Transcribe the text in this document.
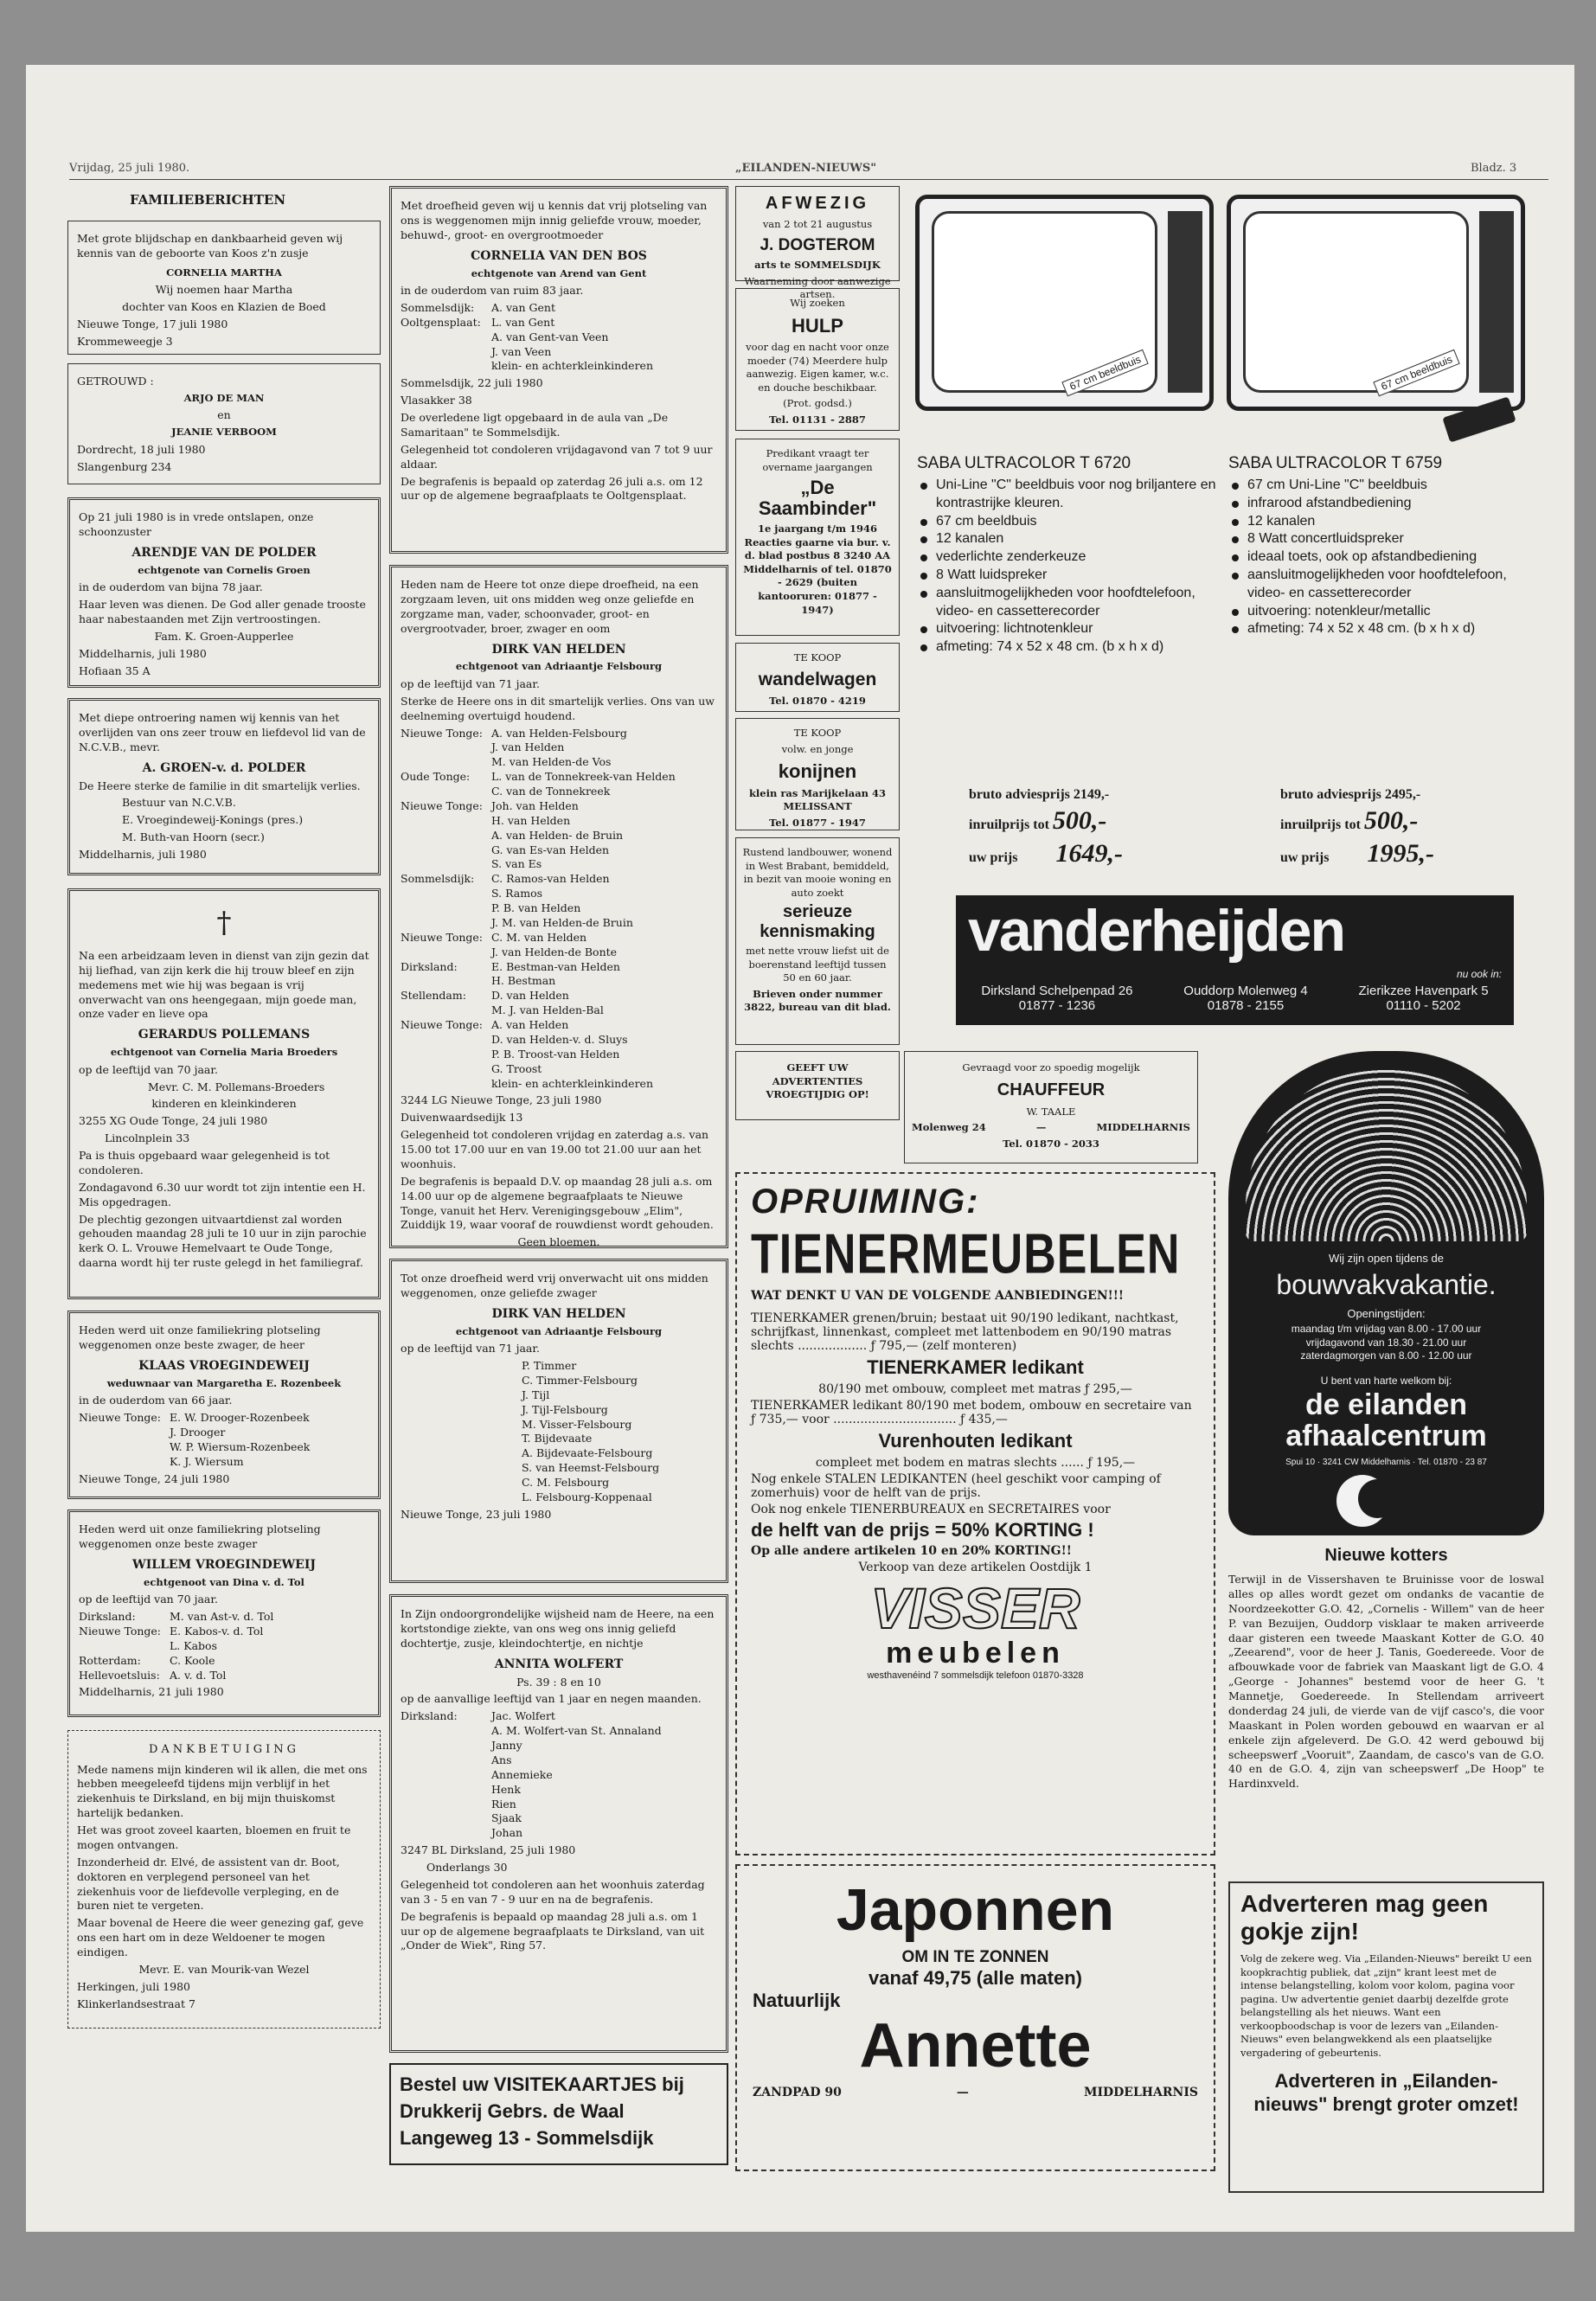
Vrijdag, 25 juli 1980.	„EILANDEN-NIEUWS"	Bladz. 3
FAMILIEBERICHTEN

Met grote blijdschap en dankbaarheid geven wij kennis van de geboorte van Koos z'n zusje

CORNELIA MARTHA

Wij noemen haar Martha

dochter van Koos en Klazien de Boed

Nieuwe Tonge, 17 juli 1980

Krommeweegje 3

GETROUWD :

ARJO DE MAN

en

JEANIE VERBOOM

Dordrecht, 18 juli 1980

Slangenburg 234

Op 21 juli 1980 is in vrede ontslapen, onze schoonzuster

ARENDJE VAN DE POLDER
echtgenote van Cornelis Groen

in de ouderdom van bijna 78 jaar.

Haar leven was dienen. De God aller genade trooste haar nabestaanden met Zijn vertroostingen.

Fam. K. Groen-Aupperlee

Middelharnis, juli 1980

Hofiaan 35 A

Met diepe ontroering namen wij kennis van het overlijden van ons zeer trouw en liefdevol lid van de N.C.V.B., mevr.

A. GROEN-v. d. POLDER

De Heere sterke de familie in dit smartelijk verlies.

Bestuur van N.C.V.B.

E. Vroegindeweij-Konings (pres.)

M. Buth-van Hoorn (secr.)

Middelharnis, juli 1980

†

Na een arbeidzaam leven in dienst van zijn gezin dat hij liefhad, van zijn kerk die hij trouw bleef en zijn medemens met wie hij was begaan is vrij onverwacht van ons heengegaan, mijn goede man, onze vader en lieve opa

GERARDUS POLLEMANS
echtgenoot van Cornelia Maria Broeders

op de leeftijd van 70 jaar.

Mevr. C. M. Pollemans-Broeders

kinderen en kleinkinderen

3255 XG Oude Tonge, 24 juli 1980

Lincolnplein 33

Pa is thuis opgebaard waar gelegenheid is tot condoleren.

Zondagavond 6.30 uur wordt tot zijn intentie een H. Mis opgedragen.

De plechtig gezongen uitvaartdienst zal worden gehouden maandag 28 juli te 10 uur in zijn parochie kerk O. L. Vrouwe Hemelvaart te Oude Tonge, daarna wordt hij ter ruste gelegd in het familiegraf.

Heden werd uit onze familiekring plotseling weggenomen onze beste zwager, de heer

KLAAS VROEGINDEWEIJ
weduwnaar van Margaretha E. Rozenbeek

in de ouderdom van 66 jaar.

Nieuwe Tonge: E. W. Drooger-Rozenbeek
J. Drooger
W. P. Wiersum-Rozenbeek
K. J. Wiersum

Nieuwe Tonge, 24 juli 1980

Heden werd uit onze familiekring plotseling weggenomen onze beste zwager

WILLEM VROEGINDEWEIJ
echtgenoot van Dina v. d. Tol

op de leeftijd van 70 jaar.

Dirksland:	M. van Ast-v. d. Tol
Nieuwe Tonge: E. Kabos-v. d. Tol
L. Kabos
Rotterdam:	C. Koole
Hellevoetsluis: A. v. d. Tol

Middelharnis, 21 juli 1980

DANKBETUIGING

Mede namens mijn kinderen wil ik allen, die met ons hebben meegeleefd tijdens mijn verblijf in het ziekenhuis te Dirksland, en bij mijn thuiskomst hartelijk bedanken.

Het was groot zoveel kaarten, bloemen en fruit te mogen ontvangen.

Inzonderheid dr. Elvé, de assistent van dr. Boot, doktoren en verplegend personeel van het ziekenhuis voor de liefdevolle verpleging, en de buren niet te vergeten.

Maar bovenal de Heere die weer genezing gaf, geve ons een hart om in deze Weldoener te mogen eindigen.

Mevr. E. van Mourik-van Wezel

Herkingen, juli 1980

Klinkerlandsestraat 7

Met droefheid geven wij u kennis dat vrij plotseling van ons is weggenomen mijn innig geliefde vrouw, moeder, behuwd-, groot- en overgrootmoeder

CORNELIA VAN DEN BOS
echtgenote van Arend van Gent

in de ouderdom van ruim 83 jaar.

Sommelsdijk:	A. van Gent
Ooltgensplaat: L. van Gent
A. van Gent-van Veen
J. van Veen
klein- en achterkleinkinderen

Sommelsdijk, 22 juli 1980

Vlasakker 38

De overledene ligt opgebaard in de aula van „De Samaritaan" te Sommelsdijk.

Gelegenheid tot condoleren vrijdagavond van 7 tot 9 uur aldaar.

De begrafenis is bepaald op zaterdag 26 juli a.s. om 12 uur op de algemene begraafplaats te Ooltgensplaat.

Heden nam de Heere tot onze diepe droefheid, na een zorgzaam leven, uit ons midden weg onze geliefde en zorgzame man, vader, schoonvader, groot- en overgrootvader, broer, zwager en oom

DIRK VAN HELDEN
echtgenoot van Adriaantje Felsbourg

op de leeftijd van 71 jaar.

Sterke de Heere ons in dit smartelijk verlies. Ons van uw deelneming overtuigd houdend.

Nieuwe Tonge: A. van Helden-Felsbourg
J. van Helden
M. van Helden-de Vos
Oude Tonge:	L. van de Tonnekreek-van Helden
C. van de Tonnekreek
Nieuwe Tonge: Joh. van Helden
H. van Helden
A. van Helden- de Bruin
G. van Es-van Helden
S. van Es
Sommelsdijk:	C. Ramos-van Helden
S. Ramos
P. B. van Helden
J. M. van Helden-de Bruin
Nieuwe Tonge: C. M. van Helden
J. van Helden-de Bonte
Dirksland:	E. Bestman-van Helden
H. Bestman
Stellendam:	D. van Helden
M. J. van Helden-Bal
Nieuwe Tonge: A. van Helden
D. van Helden-v. d. Sluys
P. B. Troost-van Helden
G. Troost
klein- en achterkleinkinderen

3244 LG Nieuwe Tonge, 23 juli 1980

Duivenwaardsedijk 13

Gelegenheid tot condoleren vrijdag en zaterdag a.s. van 15.00 tot 17.00 uur en van 19.00 tot 21.00 uur aan het woonhuis.

De begrafenis is bepaald D.V. op maandag 28 juli a.s. om 14.00 uur op de algemene begraafplaats te Nieuwe Tonge, vanuit het Herv. Verenigingsgebouw „Elim", Zuiddijk 19, waar vooraf de rouwdienst wordt gehouden.

Geen bloemen.

Tot onze droefheid werd vrij onverwacht uit ons midden weggenomen, onze geliefde zwager

DIRK VAN HELDEN
echtgenoot van Adriaantje Felsbourg

op de leeftijd van 71 jaar.

P. Timmer
C. Timmer-Felsbourg
J. Tijl
J. Tijl-Felsbourg
M. Visser-Felsbourg
T. Bijdevaate
A. Bijdevaate-Felsbourg
S. van Heemst-Felsbourg
C. M. Felsbourg
L. Felsbourg-Koppenaal

Nieuwe Tonge, 23 juli 1980

In Zijn ondoorgrondelijke wijsheid nam de Heere, na een kortstondige ziekte, van ons weg ons innig geliefd dochtertje, zusje, kleindochtertje, en nichtje

ANNITA WOLFERT

Ps. 39 : 8 en 10

op de aanvallige leeftijd van 1 jaar en negen maanden.

Dirksland:	Jac. Wolfert
A. M. Wolfert-van St. Annaland
Janny
Ans
Annemieke
Henk
Rien
Sjaak
Johan

3247 BL Dirksland, 25 juli 1980

Onderlangs 30

Gelegenheid tot condoleren aan het woonhuis zaterdag van 3 - 5 en van 7 - 9 uur en na de begrafenis.

De begrafenis is bepaald op maandag 28 juli a.s. om 1 uur op de algemene begraafplaats te Dirksland, van uit „Onder de Wiek", Ring 57.

Bestel uw VISITEKAARTJES bij Drukkerij Gebrs. de Waal Langeweg 13 - Sommelsdijk
AFWEZIG

van 2 tot 21 augustus

J. DOGTEROM

arts te SOMMELSDIJK

Waarneming door aanwezige artsen.

Wij zoeken

HULP

voor dag en nacht voor onze moeder (74) Meerdere hulp aanwezig. Eigen kamer, w.c. en douche beschikbaar.

(Prot. godsd.)

Tel. 01131 - 2887

Predikant vraagt ter overname jaargangen

„De Saambinder"

1e jaargang t/m 1946 Reacties gaarne via bur. v. d. blad postbus 8 3240 AA Middelharnis of tel. 01870 - 2629 (buiten kantooruren: 01877 - 1947)

TE KOOP

wandelwagen

Tel. 01870 - 4219

TE KOOP

volw. en jonge

konijnen

klein ras Marijkelaan 43 MELISSANT

Tel. 01877 - 1947

Rustend landbouwer, wonend in West Brabant, bemiddeld, in bezit van mooie woning en auto zoekt

serieuze kennismaking

met nette vrouw liefst uit de boerenstand leeftijd tussen 50 en 60 jaar.

Brieven onder nummer 3822, bureau van dit blad.

GEEFT UW ADVERTENTIES VROEGTIJDIG OP!

Gevraagd voor zo spoedig mogelijk

CHAUFFEUR

W. TAALE

Molenweg 24	—	MIDDELHARNIS

Tel. 01870 - 2033

67 cm beeldbuis	67 cm beeldbuis
SABA ULTRACOLOR T 6720
Uni-Line "C" beeldbuis voor nog briljantere en kontrastrijke kleuren.
67 cm beeldbuis
12 kanalen
vederlichte zenderkeuze
8 Watt luidspreker
aansluitmogelijkheden voor hoofdtelefoon, video- en cassetterecorder
uitvoering: lichtnotenkleur
afmeting: 74 x 52 x 48 cm. (b x h x d)
SABA ULTRACOLOR T 6759
67 cm Uni-Line "C" beeldbuis
infrarood afstandbediening
12 kanalen
8 Watt concertluidspreker
ideaal toets, ook op afstandbediening
aansluitmogelijkheden voor hoofdtelefoon, video- en cassetterecorder
uitvoering: notenkleur/metallic
afmeting: 74 x 52 x 48 cm. (b x h x d)
bruto adviesprijs 2149,-
inruilprijs tot 500,-
uw prijs 1649,-
bruto adviesprijs 2495,-
inruilprijs tot 500,-
uw prijs 1995,-
vanderheijden
nu ook in:
Dirksland Schelpenpad 26
01877 - 1236
Ouddorp Molenweg 4
01878 - 2155
Zierikzee Havenpark 5
01110 - 5202
Wij zijn open tijdens de
bouwvakvakantie.
Openingstijden:
maandag t/m vrijdag van 8.00 - 17.00 uur
vrijdagavond van 18.30 - 21.00 uur
zaterdagmorgen van 8.00 - 12.00 uur
U bent van harte welkom bij:
de eilanden
afhaalcentrum
Spui 10 · 3241 CW Middelharnis · Tel. 01870 - 23 87
Nieuwe kotters
Terwijl in de Vissershaven te Bruinisse voor de loswal alles op alles wordt gezet om ondanks de vacantie de Noordzeekotter G.O. 42, „Cornelis - Willem" van de heer P. van Bezuijen, Ouddorp visklaar te maken arriveerde daar gisteren een tweede Maaskant Kotter de G.O. 40 „Zeearend", voor de heer J. Tanis, Goedereede. Voor de afbouwkade voor de fabriek van Maaskant ligt de G.O. 4 „George - Johannes" bestemd voor de heer G. 't Mannetje, Goedereede. In Stellendam arriveert donderdag 24 juli, de vierde van de vijf casco's, die voor Maaskant in Polen worden gebouwd en waarvan er al enkele zijn afgeleverd. De G.O. 42 werd gebouwd bij scheepswerf „Vooruit", Zaandam, de casco's van de G.O. 40 en de G.O. 4, zijn van scheepswerf „De Hoop" te Hardinxveld.
OPRUIMING:
TIENERMEUBELEN
WAT DENKT U VAN DE VOLGENDE AANBIEDINGEN!!!

TIENERKAMER grenen/bruin; bestaat uit 90/190 ledikant, nachtkast, schrijfkast, linnenkast, compleet met lattenbodem en 90/190 matras slechts .................. ƒ 795,— (zelf monteren)

TIENERKAMER ledikant

80/190 met ombouw, compleet met matras ƒ 295,—

TIENERKAMER ledikant 80/190 met bodem, ombouw en secretaire van ƒ 735,— voor ................................ ƒ 435,—

Vurenhouten ledikant

compleet met bodem en matras slechts ...... ƒ 195,—

Nog enkele STALEN LEDIKANTEN (heel geschikt voor camping of zomerhuis) voor de helft van de prijs.

Ook nog enkele TIENERBUREAUX en SECRETAIRES voor

de helft van de prijs = 50% KORTING !

Op alle andere artikelen 10 en 20% KORTING!!

Verkoop van deze artikelen Oostdijk 1

VISSER
meubelen
westhavenéind 7 sommelsdijk telefoon 01870-3328
Japonnen
OM IN TE ZONNEN
vanaf 49,75 (alle maten)
Natuurlijk
Annette
ZANDPAD 90	—	MIDDELHARNIS
Adverteren mag geen gokje zijn!

Volg de zekere weg. Via „Eilanden-Nieuws" bereikt U een koopkrachtig publiek, dat „zijn" krant leest met de intense belangstelling, kolom voor kolom, pagina voor pagina. Uw advertentie geniet daarbij dezelfde grote belangstelling als het nieuws. Want een verkoopboodschap is voor de lezers van „Eilanden-Nieuws" even belangwekkend als een plaatselijke vergadering of gebeurtenis.

Adverteren in „Eilanden-nieuws" brengt groter omzet!
